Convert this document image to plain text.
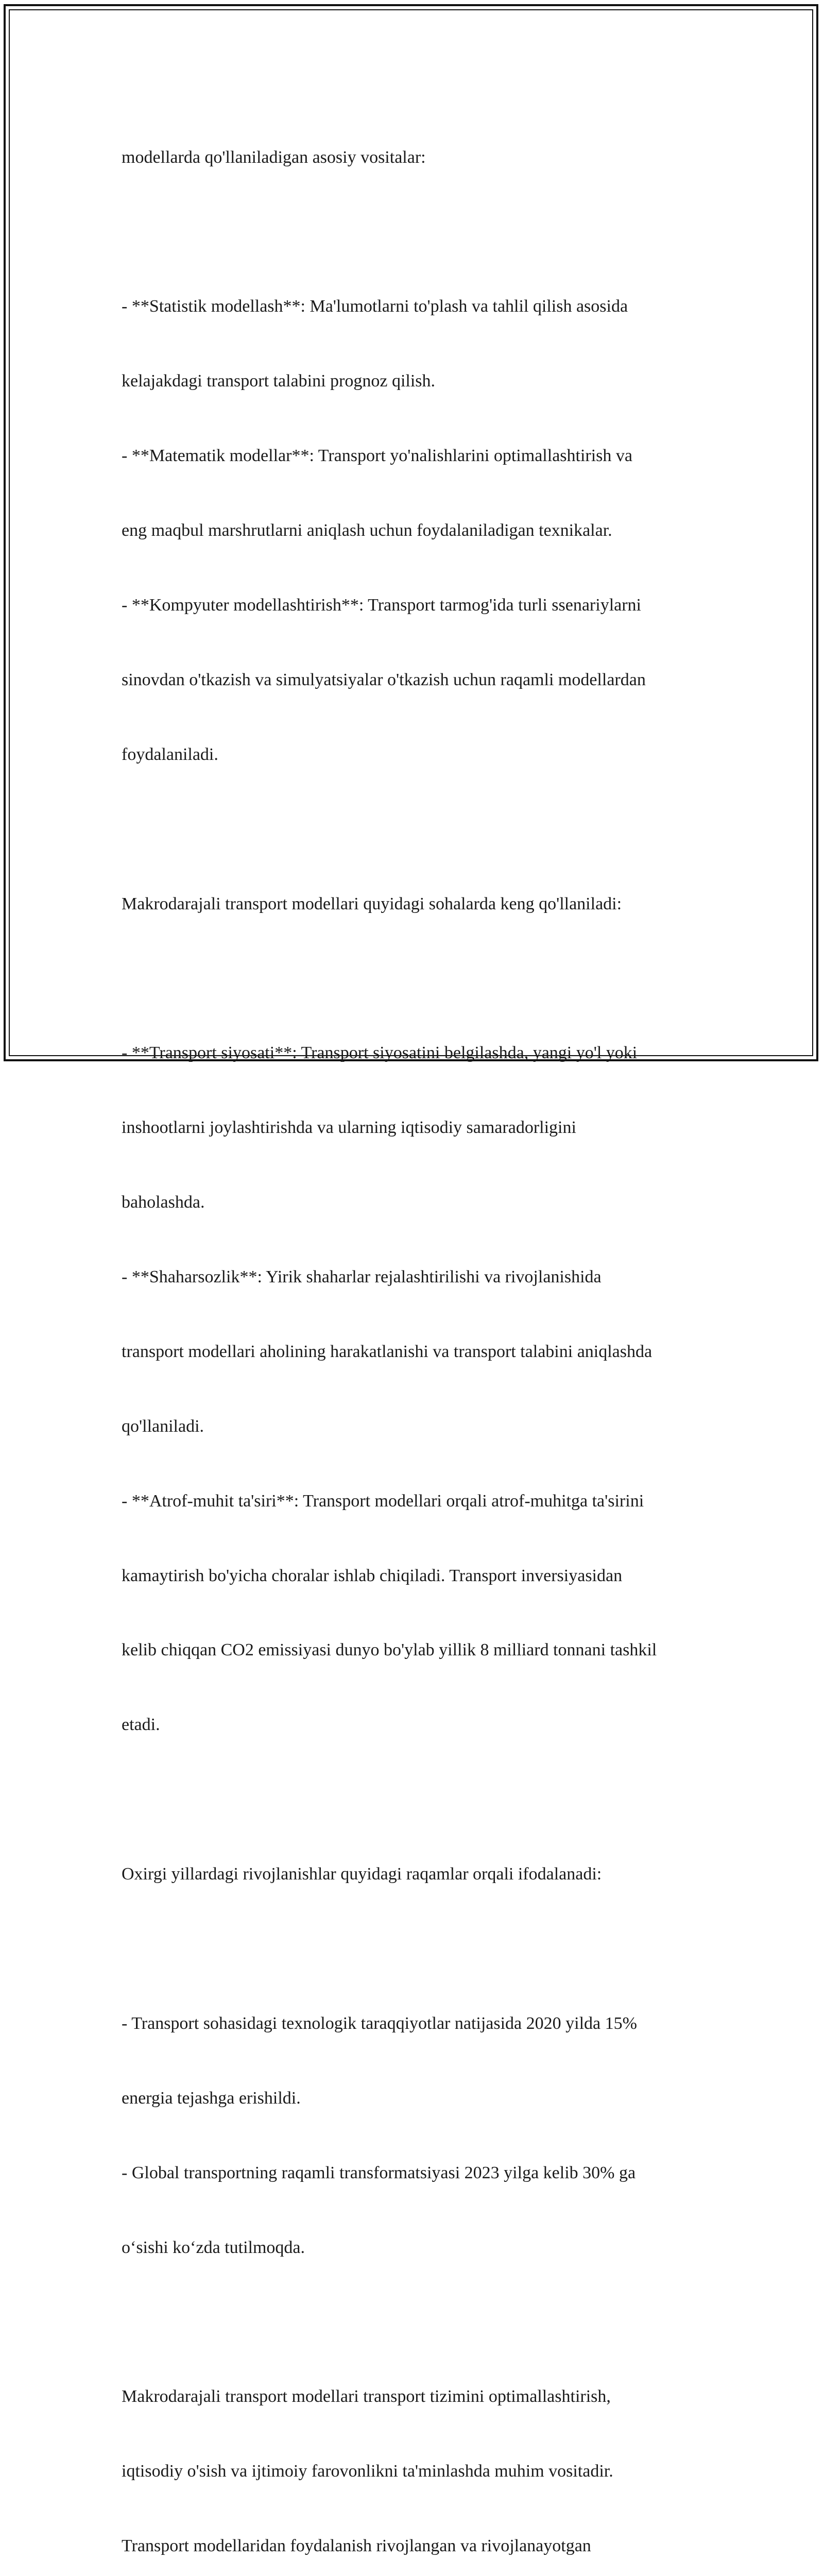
modellarda qo'llaniladigan asosiy vositalar:

- **Statistik modellash**: Ma'lumotlarni to'plash va tahlil qilish asosida

kelajakdagi transport talabini prognoz qilish.

- **Matematik modellar**: Transport yo'nalishlarini optimallashtirish va

eng maqbul marshrutlarni aniqlash uchun foydalaniladigan texnikalar.

- **Kompyuter modellashtirish**: Transport tarmog'ida turli ssenariylarni

sinovdan o'tkazish va simulyatsiyalar o'tkazish uchun raqamli modellardan

foydalaniladi.

Makrodarajali transport modellari quyidagi sohalarda keng qo'llaniladi:

- **Transport siyosati**: Transport siyosatini belgilashda, yangi yo'l yoki

inshootlarni joylashtirishda va ularning iqtisodiy samaradorligini

baholashda.

- **Shaharsozlik**: Yirik shaharlar rejalashtirilishi va rivojlanishida

transport modellari aholining harakatlanishi va transport talabini aniqlashda

qo'llaniladi.

- **Atrof-muhit ta'siri**: Transport modellari orqali atrof-muhitga ta'sirini

kamaytirish bo'yicha choralar ishlab chiqiladi. Transport inversiyasidan

kelib chiqqan CO2 emissiyasi dunyo bo'ylab yillik 8 milliard tonnani tashkil

etadi.

Oxirgi yillardagi rivojlanishlar quyidagi raqamlar orqali ifodalanadi:

- Transport sohasidagi texnologik taraqqiyotlar natijasida 2020 yilda 15%

energia tejashga erishildi.

- Global transportning raqamli transformatsiyasi 2023 yilga kelib 30% ga

o‘sishi ko‘zda tutilmoqda.

Makrodarajali transport modellari transport tizimini optimallashtirish,

iqtisodiy o'sish va ijtimoiy farovonlikni ta'minlashda muhim vositadir.

Transport modellaridan foydalanish rivojlangan va rivojlanayotgan
